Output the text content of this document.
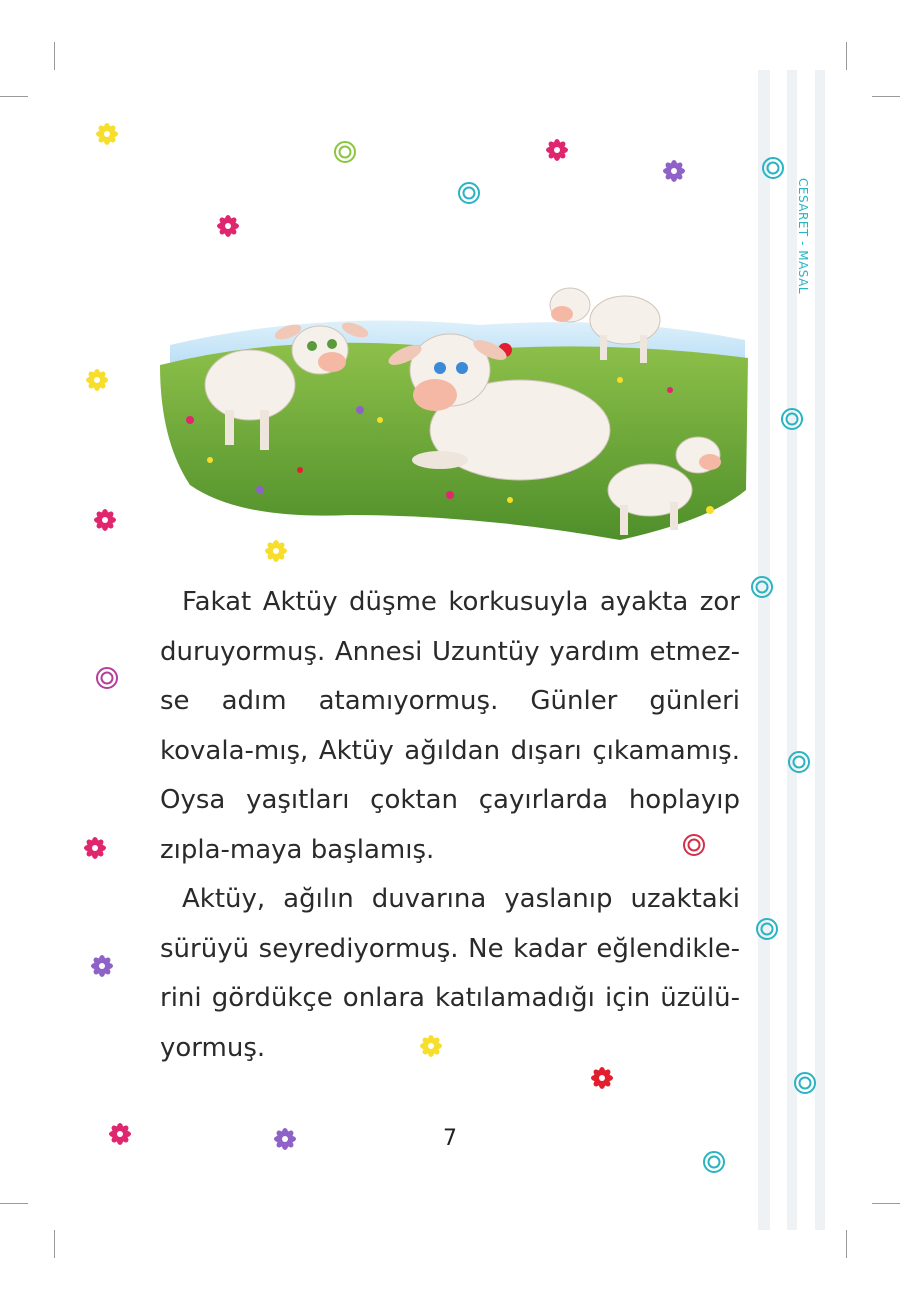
CESARET - MASAL

Fakat Aktüy düşme korkusuyla ayakta zor duruyormuş. Annesi Uzuntüy yardım etmez-se adım atamıyormuş. Günler günleri kovala-mış, Aktüy ağıldan dışarı çıkamamış. Oysa yaşıtları çoktan çayırlarda hoplayıp zıpla-maya başlamış.

Aktüy, ağılın duvarına yaslanıp uzaktaki sürüyü seyrediyormuş. Ne kadar eğlendikle-rini gördükçe onlara katılamadığı için üzülü-yormuş.

7
